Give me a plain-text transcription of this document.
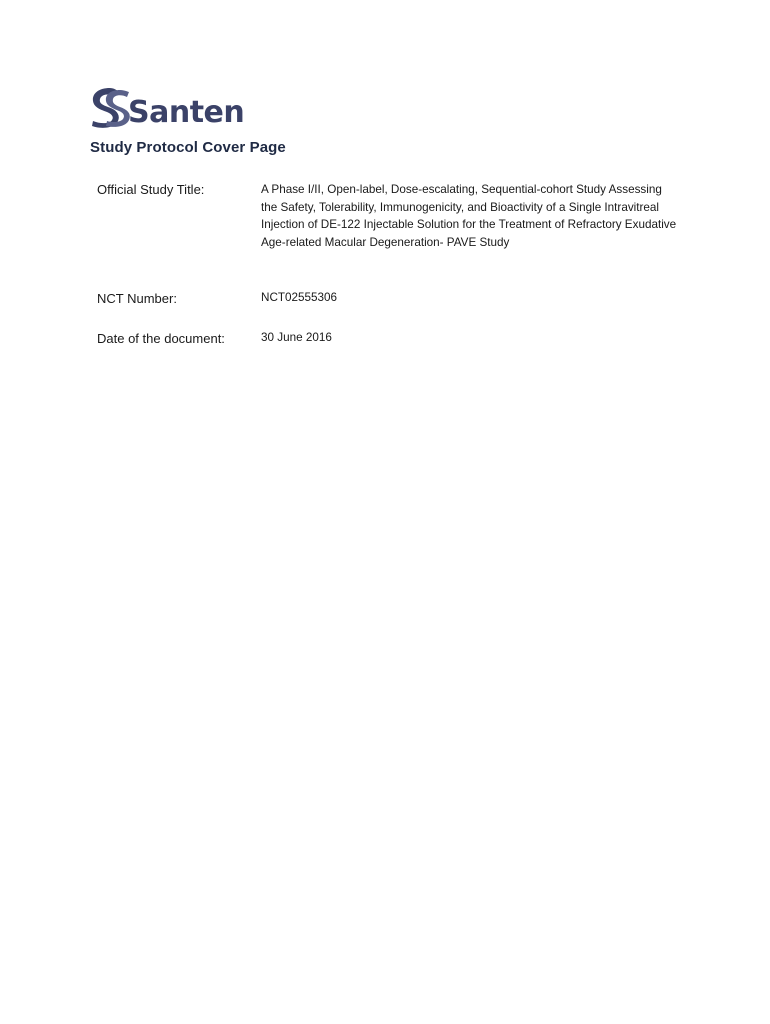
Santen
Study Protocol Cover Page
Official Study Title:	A Phase I/II, Open-label, Dose-escalating, Sequential-cohort Study Assessing the Safety, Tolerability, Immunogenicity, and Bioactivity of a Single Intravitreal Injection of DE-122 Injectable Solution for the Treatment of Refractory Exudative Age-related Macular Degeneration- PAVE Study
NCT Number:	NCT02555306
Date of the document:	30 June 2016
